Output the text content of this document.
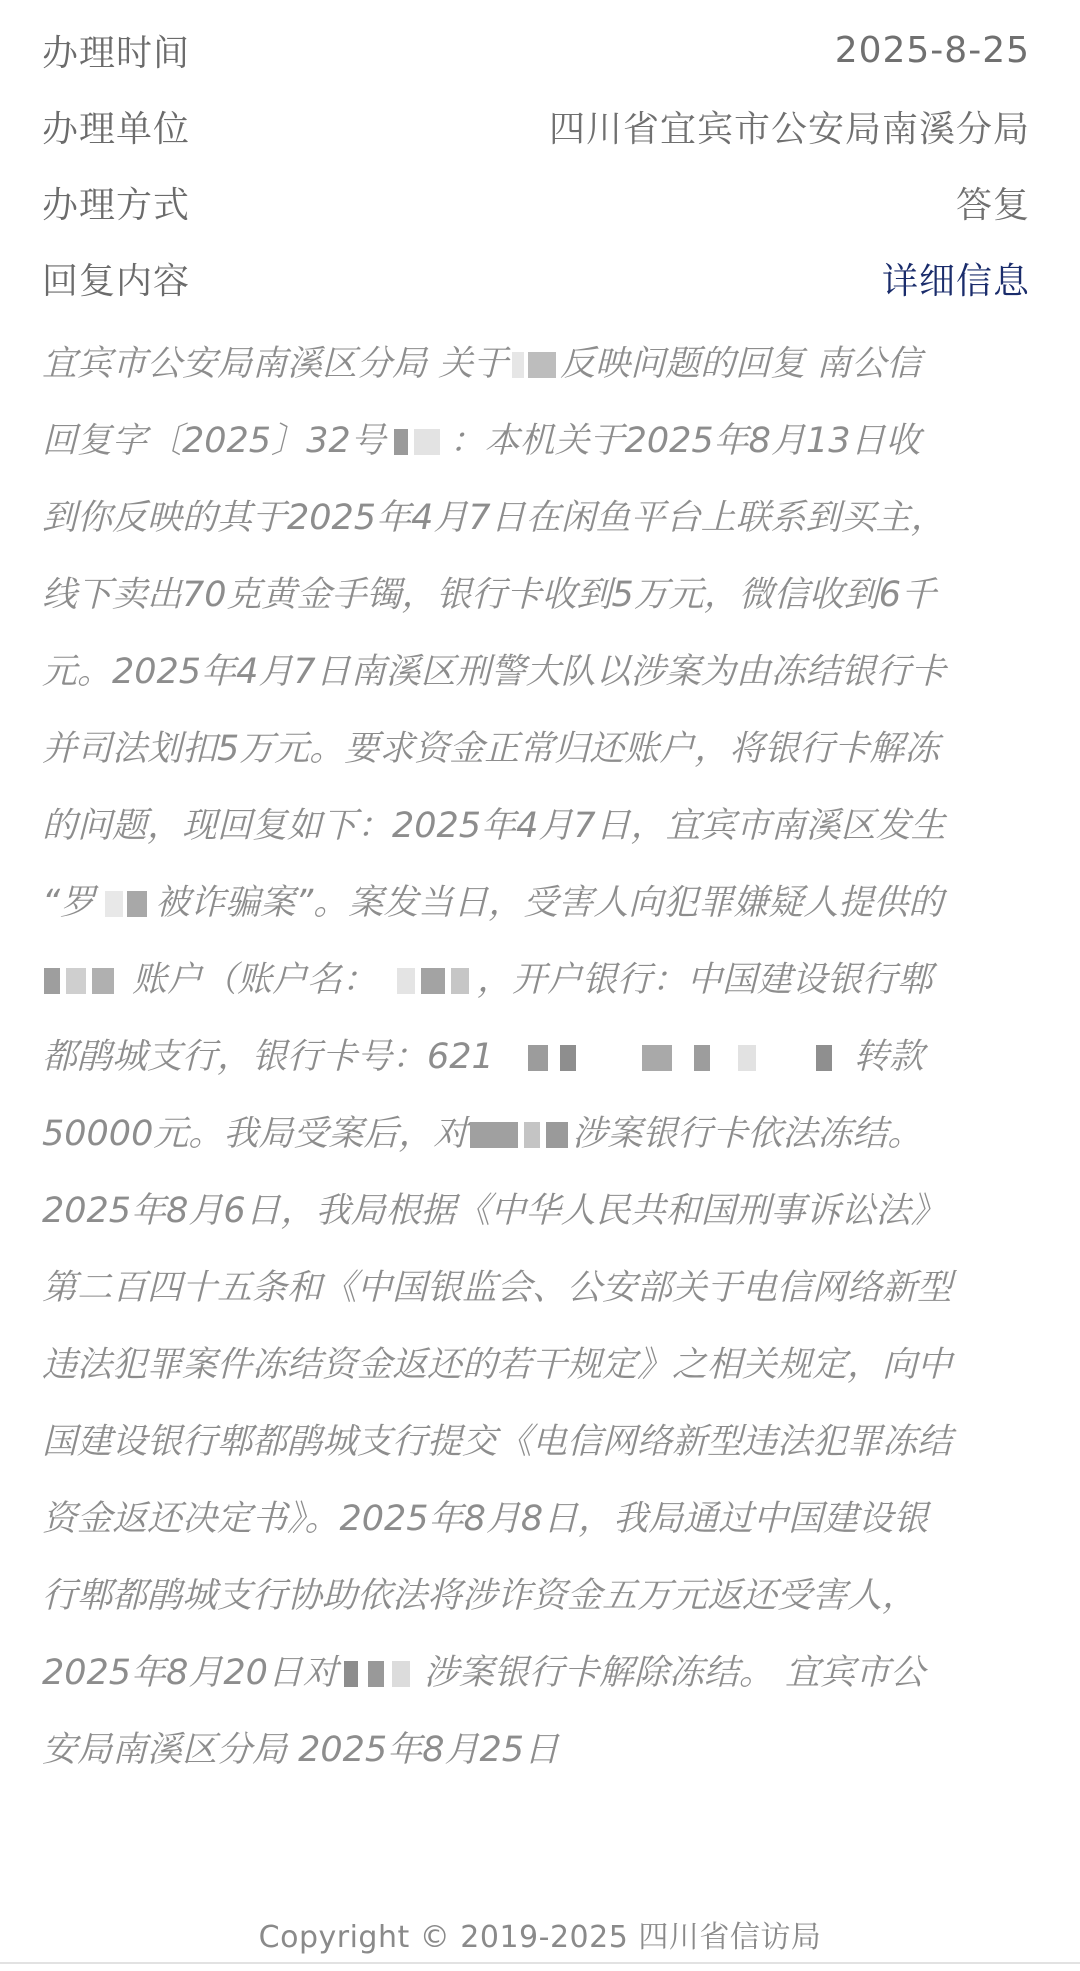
办理时间	2025-8-25
办理单位	四川省宜宾市公安局南溪分局
办理方式	答复
回复内容	详细信息
宜宾市公安局南溪区分局 关于 反映问题的回复 南公信
回复字〔2025〕32号 ：本机关于2025年8月13日收
到你反映的其于2025年4月7日在闲鱼平台上联系到买主，
线下卖出70克黄金手镯，银行卡收到5万元，微信收到6千
元。2025年4月7日南溪区刑警大队以涉案为由冻结银行卡
并司法划扣5万元。要求资金正常归还账户，将银行卡解冻
的问题，现回复如下：2025年4月7日，宜宾市南溪区发生
“罗 被诈骗案”。案发当日，受害人向犯罪嫌疑人提供的
账户（账户名：	，开户银行：中国建设银行郫
都鹃城支行，银行卡号：621	转款
50000元。我局受案后，对	涉案银行卡依法冻结。
2025年8月6日，我局根据《中华人民共和国刑事诉讼法》
第二百四十五条和《中国银监会、公安部关于电信网络新型
违法犯罪案件冻结资金返还的若干规定》之相关规定，向中
国建设银行郫都鹃城支行提交《电信网络新型违法犯罪冻结
资金返还决定书》。2025年8月8日，我局通过中国建设银
行郫都鹃城支行协助依法将涉诈资金五万元返还受害人，
2025年8月20日对 涉案银行卡解除冻结。 宜宾市公
安局南溪区分局 2025年8月25日
Copyright © 2019-2025 四川省信访局
